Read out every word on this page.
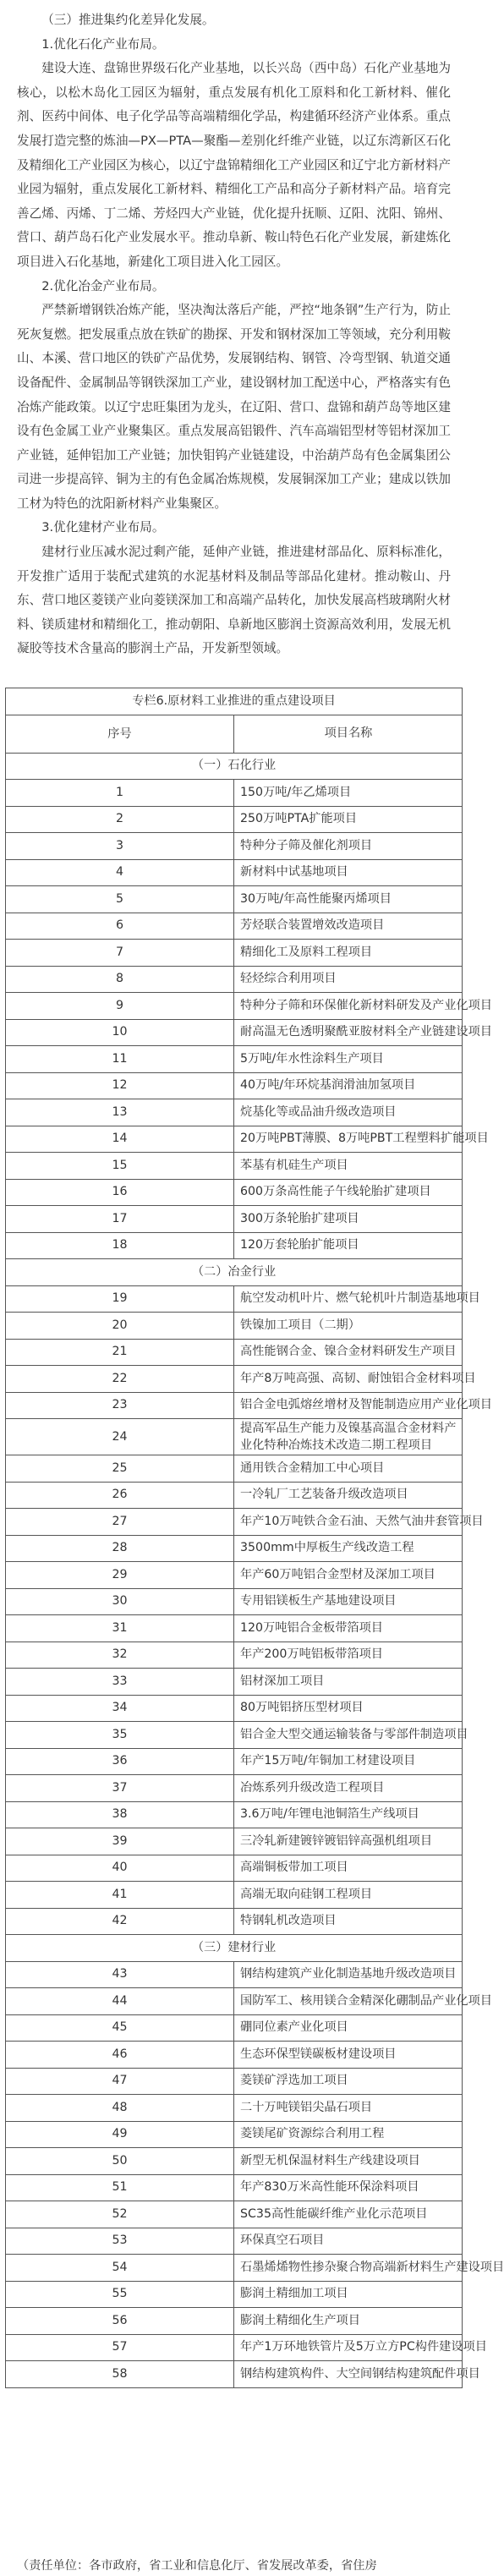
（三）推进集约化差异化发展。

1.优化石化产业布局。

建设大连、盘锦世界级石化产业基地，以长兴岛（西中岛）石化产业基地为核心，以松木岛化工园区为辐射，重点发展有机化工原料和化工新材料、催化剂、医药中间体、电子化学品等高端精细化学品，构建循环经济产业体系。重点发展打造完整的炼油—PX—PTA—聚酯—差别化纤维产业链，以辽东湾新区石化及精细化工产业园区为核心，以辽宁盘锦精细化工产业园区和辽宁北方新材料产业园为辐射，重点发展化工新材料、精细化工产品和高分子新材料产品。培育完善乙烯、丙烯、丁二烯、芳烃四大产业链，优化提升抚顺、辽阳、沈阳、锦州、营口、葫芦岛石化产业发展水平。推动阜新、鞍山特色石化产业发展，新建炼化项目进入石化基地，新建化工项目进入化工园区。

2.优化冶金产业布局。

严禁新增钢铁冶炼产能，坚决淘汰落后产能，严控“地条钢”生产行为，防止死灰复燃。把发展重点放在铁矿的勘探、开发和钢材深加工等领域，充分利用鞍山、本溪、营口地区的铁矿产品优势，发展钢结构、钢管、冷弯型钢、轨道交通设备配件、金属制品等钢铁深加工产业，建设钢材加工配送中心，严格落实有色冶炼产能政策。以辽宁忠旺集团为龙头，在辽阳、营口、盘锦和葫芦岛等地区建设有色金属工业产业聚集区。重点发展高铝锻件、汽车高端铝型材等铝材深加工产业链，延伸铝加工产业链；加快钼钨产业链建设，中治葫芦岛有色金属集团公司进一步提高锌、铜为主的有色金属冶炼规模，发展铜深加工产业；建成以铁加工材为特色的沈阳新材料产业集聚区。

3.优化建材产业布局。

建材行业压减水泥过剩产能，延伸产业链，推进建材部品化、原料标准化，开发推广适用于装配式建筑的水泥基材料及制品等部品化建材。推动鞍山、丹东、营口地区菱镁产业向菱镁深加工和高端产品转化，加快发展高档玻璃附火材料、镁质建材和精细化工，推动朝阳、阜新地区膨润土资源高效利用，发展无机凝胶等技术含量高的膨润土产品，开发新型领域。

专栏6.原材料工业推进的重点建设项目	
序号	项目名称
（一）石化行业	
1	150万吨/年乙烯项目
2	250万吨PTA扩能项目
3	特种分子筛及催化剂项目
4	新材料中试基地项目
5	30万吨/年高性能聚丙烯项目
6	芳烃联合装置增效改造项目
7	精细化工及原料工程项目
8	轻烃综合利用项目
9	特种分子筛和环保催化新材料研发及产业化项目
10	耐高温无色透明聚酰亚胺材料全产业链建设项目
11	5万吨/年水性涂料生产项目
12	40万吨/年环烷基润滑油加氢项目
13	烷基化等或品油升级改造项目
14	20万吨PBT薄膜、8万吨PBT工程塑料扩能项目
15	苯基有机硅生产项目
16	600万条高性能子午线轮胎扩建项目
17	300万条轮胎扩建项目
18	120万套轮胎扩能项目
（二）冶金行业	
19	航空发动机叶片、燃气轮机叶片制造基地项目
20	铁镍加工项目（二期）
21	高性能钢合金、镍合金材料研发生产项目
22	年产8万吨高强、高韧、耐蚀铝合金材料项目
23	铝合金电弧熔丝增材及智能制造应用产业化项目
24	提高军品生产能力及镍基高温合金材料产业化特种冶炼技术改造二期工程项目
25	通用铁合金精加工中心项目
26	一冷轧厂工艺装备升级改造项目
27	年产10万吨铁合金石油、天然气油井套管项目
28	3500mm中厚板生产线改造工程
29	年产60万吨铝合金型材及深加工项目
30	专用铝镁板生产基地建设项目
31	120万吨铝合金板带箔项目
32	年产200万吨铝板带箔项目
33	铝材深加工项目
34	80万吨铝挤压型材项目
35	铝合金大型交通运输装备与零部件制造项目
36	年产15万吨/年铜加工材建设项目
37	冶炼系列升级改造工程项目
38	3.6万吨/年锂电池铜箔生产线项目
39	三冷轧新建镀锌镀铝锌高强机组项目
40	高端铜板带加工项目
41	高端无取向硅钢工程项目
42	特钢轧机改造项目
（三）建材行业	
43	钢结构建筑产业化制造基地升级改造项目
44	国防军工、核用镁合金精深化硼制品产业化项目
45	硼同位素产业化项目
46	生态环保型镁碳板材建设项目
47	菱镁矿浮选加工项目
48	二十万吨镁铝尖晶石项目
49	菱镁尾矿资源综合利用工程
50	新型无机保温材料生产线建设项目
51	年产830万米高性能环保涂料项目
52	SC35高性能碳纤维产业化示范项目
53	环保真空石项目
54	石墨烯烯物性掺杂聚合物高端新材料生产建设项目
55	膨润土精细加工项目
56	膨润土精细化生产项目
57	年产1万环地铁管片及5万立方PC构件建设项目
58	钢结构建筑构件、大空间钢结构建筑配件项目
（责任单位：各市政府，省工业和信息化厅、省发展改革委，省住房
